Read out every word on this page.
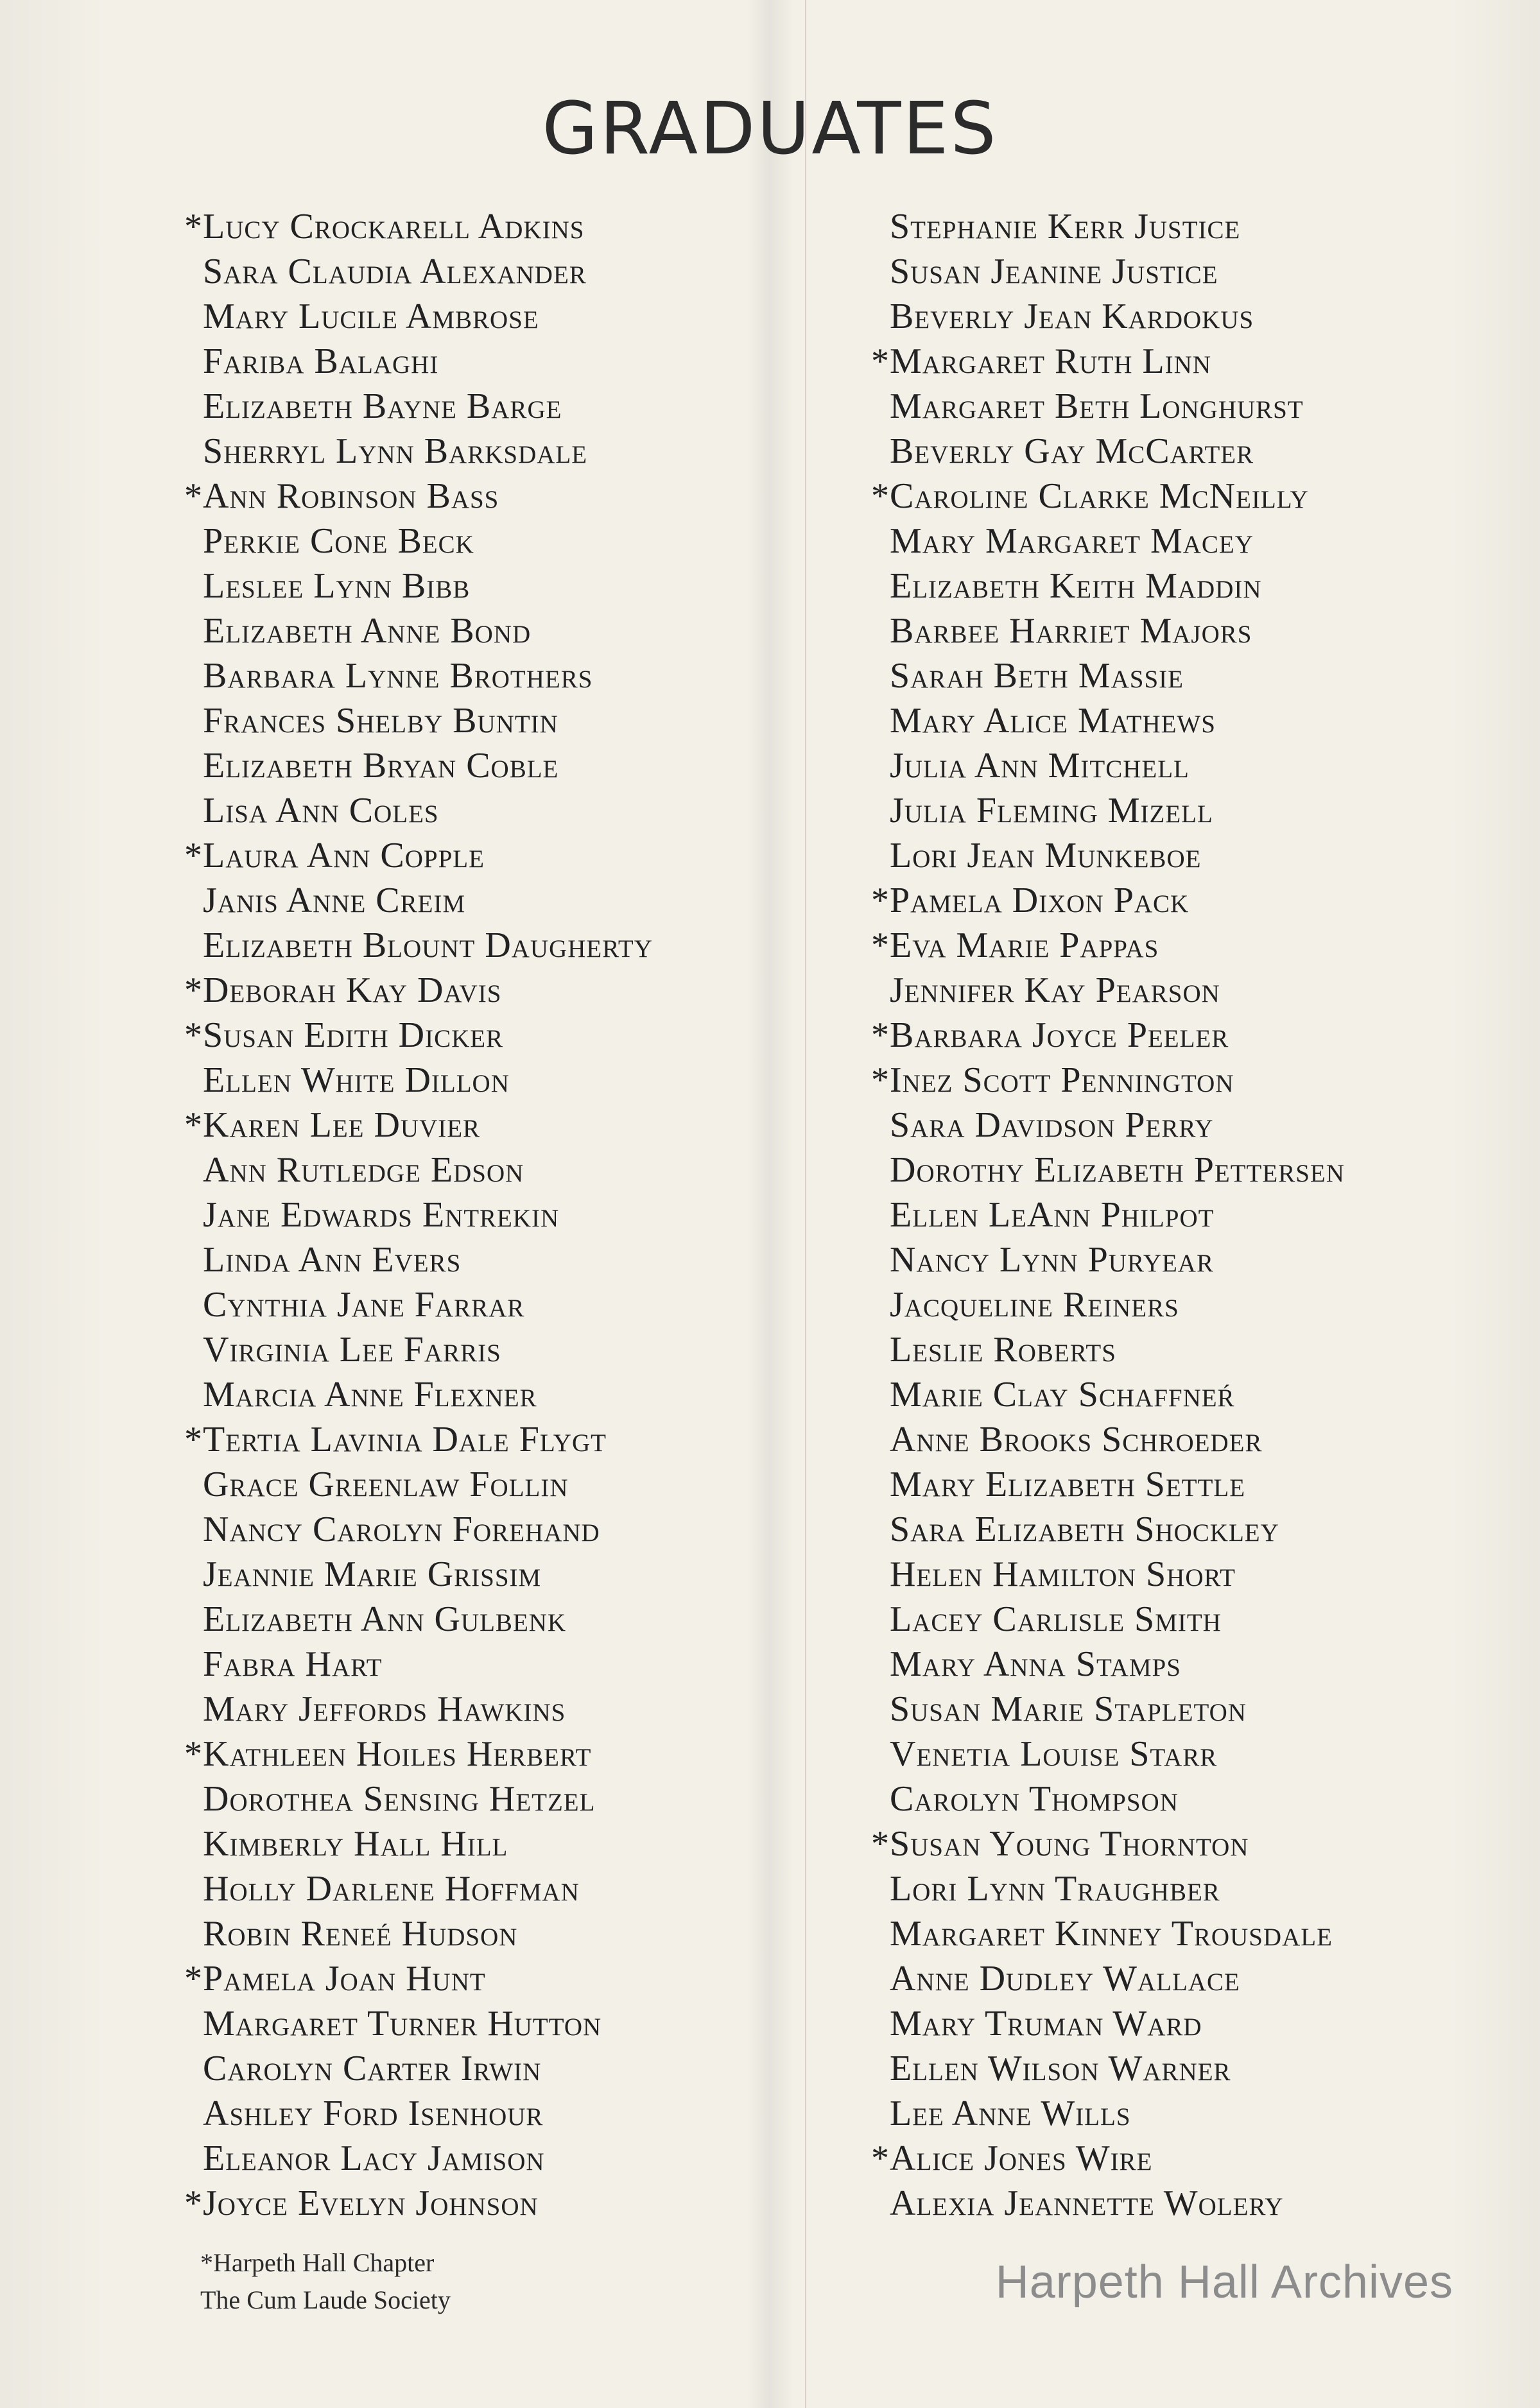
GRADUATES
*Lucy Crockarell Adkins
Sara Claudia Alexander
Mary Lucile Ambrose
Fariba Balaghi
Elizabeth Bayne Barge
Sherryl Lynn Barksdale
*Ann Robinson Bass
Perkie Cone Beck
Leslee Lynn Bibb
Elizabeth Anne Bond
Barbara Lynne Brothers
Frances Shelby Buntin
Elizabeth Bryan Coble
Lisa Ann Coles
*Laura Ann Copple
Janis Anne Creim
Elizabeth Blount Daugherty
*Deborah Kay Davis
*Susan Edith Dicker
Ellen White Dillon
*Karen Lee Duvier
Ann Rutledge Edson
Jane Edwards Entrekin
Linda Ann Evers
Cynthia Jane Farrar
Virginia Lee Farris
Marcia Anne Flexner
*Tertia Lavinia Dale Flygt
Grace Greenlaw Follin
Nancy Carolyn Forehand
Jeannie Marie Grissim
Elizabeth Ann Gulbenk
Fabra Hart
Mary Jeffords Hawkins
*Kathleen Hoiles Herbert
Dorothea Sensing Hetzel
Kimberly Hall Hill
Holly Darlene Hoffman
Robin Reneé Hudson
*Pamela Joan Hunt
Margaret Turner Hutton
Carolyn Carter Irwin
Ashley Ford Isenhour
Eleanor Lacy Jamison
*Joyce Evelyn Johnson
Stephanie Kerr Justice
Susan Jeanine Justice
Beverly Jean Kardokus
*Margaret Ruth Linn
Margaret Beth Longhurst
Beverly Gay McCarter
*Caroline Clarke McNeilly
Mary Margaret Macey
Elizabeth Keith Maddin
Barbee Harriet Majors
Sarah Beth Massie
Mary Alice Mathews
Julia Ann Mitchell
Julia Fleming Mizell
Lori Jean Munkeboe
*Pamela Dixon Pack
*Eva Marie Pappas
Jennifer Kay Pearson
*Barbara Joyce Peeler
*Inez Scott Pennington
Sara Davidson Perry
Dorothy Elizabeth Pettersen
Ellen LeAnn Philpot
Nancy Lynn Puryear
Jacqueline Reiners
Leslie Roberts
Marie Clay Schaffneŕ
Anne Brooks Schroeder
Mary Elizabeth Settle
Sara Elizabeth Shockley
Helen Hamilton Short
Lacey Carlisle Smith
Mary Anna Stamps
Susan Marie Stapleton
Venetia Louise Starr
Carolyn Thompson
*Susan Young Thornton
Lori Lynn Traughber
Margaret Kinney Trousdale
Anne Dudley Wallace
Mary Truman Ward
Ellen Wilson Warner
Lee Anne Wills
*Alice Jones Wire
Alexia Jeannette Wolery
*Harpeth Hall Chapter
The Cum Laude Society	Harpeth Hall Archives
